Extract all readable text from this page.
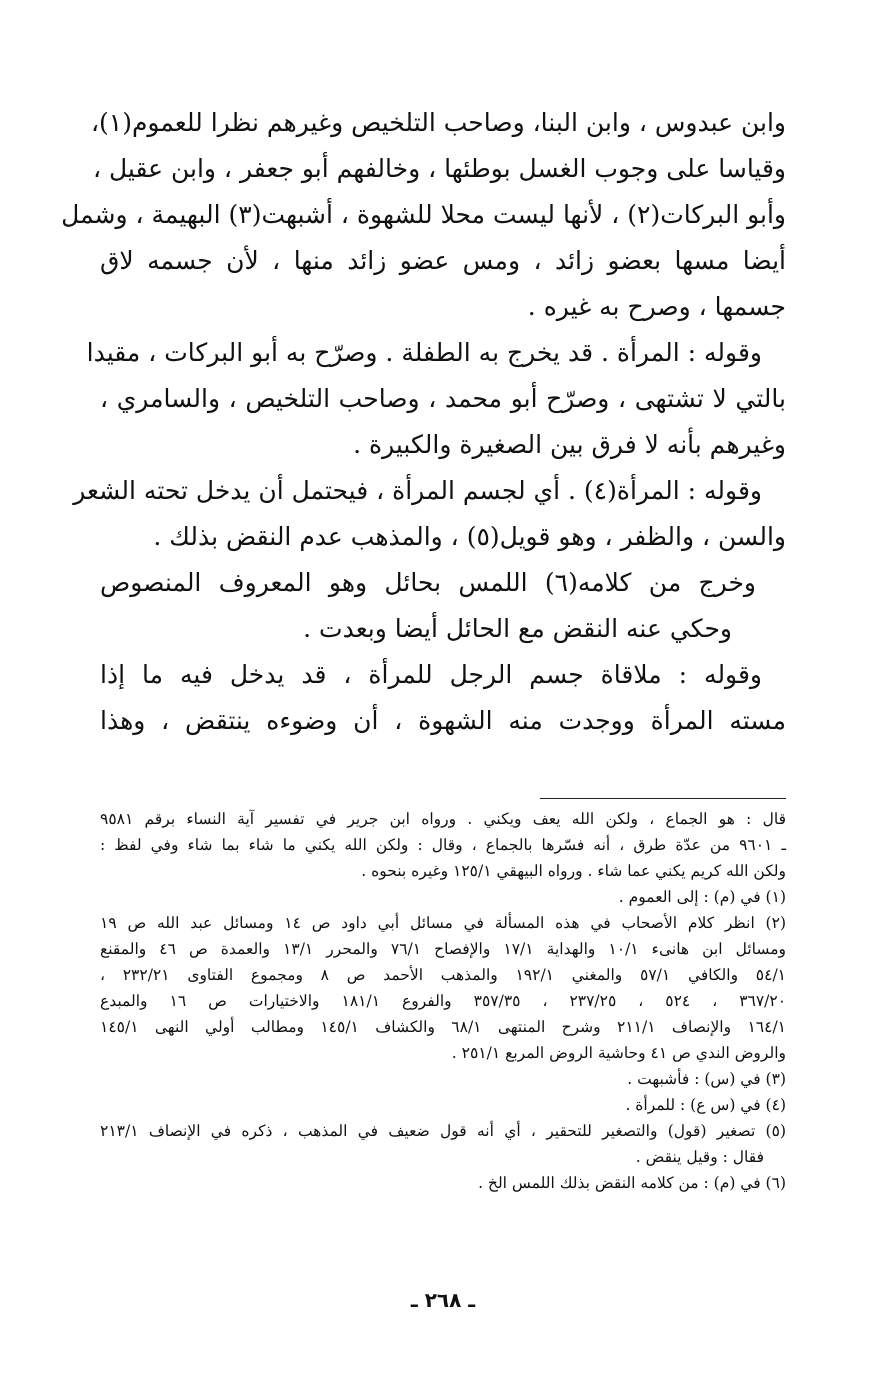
وابن عبدوس ، وابن البنا، وصاحب التلخيص وغيرهم نظرا للعموم(١)،
وقياسا على وجوب الغسل بوطئها ، وخالفهم أبو جعفر ، وابن عقيل ،
وأبو البركات(٢) ، لأنها ليست محلا للشهوة ، أشبهت(٣) البهيمة ، وشمل
أيضا مسها بعضو زائد ، ومس عضو زائد منها ، لأن جسمه لاق
جسمها ، وصرح به غيره .
وقوله : المرأة . قد يخرج به الطفلة . وصرّح به أبو البركات ، مقيدا
بالتي لا تشتهى ، وصرّح أبو محمد ، وصاحب التلخيص ، والسامري ،
وغيرهم بأنه لا فرق بين الصغيرة والكبيرة .
وقوله : المرأة(٤) . أي لجسم المرأة ، فيحتمل أن يدخل تحته الشعر
والسن ، والظفر ، وهو قويل(٥) ، والمذهب عدم النقض بذلك .
وخرج من كلامه(٦) اللمس بحائل وهو المعروف المنصوص
وحكي عنه النقض مع الحائل أيضا وبعدت .
وقوله : ملاقاة جسم الرجل للمرأة ، قد يدخل فيه ما إذا
مسته المرأة ووجدت منه الشهوة ، أن وضوءه ينتقض ، وهذا
قال : هو الجماع ، ولكن الله يعف ويكني . ورواه ابن جرير في تفسير آية النساء برقم ٩٥٨١
ـ ٩٦٠١ من عدّة طرق ، أنه فسّرها بالجماع ، وقال : ولكن الله يكني ما شاء بما شاء وفي لفظ :
ولكن الله كريم يكني عما شاء . ورواه البيهقي ١٢٥/١ وغيره بنحوه .
(١) في (م) : إلى العموم .
(٢) انظر كلام الأصحاب في هذه المسألة في مسائل أبي داود ص ١٤ ومسائل عبد الله ص ١٩
ومسائل ابن هانىء ١٠/١ والهداية ١٧/١ والإفصاح ٧٦/١ والمحرر ١٣/١ والعمدة ص ٤٦ والمقنع
٥٤/١ والكافي ٥٧/١ والمغني ١٩٢/١ والمذهب الأحمد ص ٨ ومجموع الفتاوى ٢٣٢/٢١ ،
٣٦٧/٢٠ ، ٥٢٤ ، ٢٣٧/٢٥ ، ٣٥٧/٣٥ والفروع ١٨١/١ والاختيارات ص ١٦ والمبدع
١٦٤/١ والإنصاف ٢١١/١ وشرح المنتهى ٦٨/١ والكشاف ١٤٥/١ ومطالب أولي النهى ١٤٥/١
والروض الندي ص ٤١ وحاشية الروض المربع ٢٥١/١ .
(٣) في (س) : فأشبهت .
(٤) في (س ع) : للمرأة .
(٥) تصغير (قول) والتصغير للتحقير ، أي أنه قول ضعيف في المذهب ، ذكره في الإنصاف ٢١٣/١
فقال : وقيل ينقض .
(٦) في (م) : من كلامه النقض بذلك اللمس الخ .
ـ ٢٦٨ ـ
